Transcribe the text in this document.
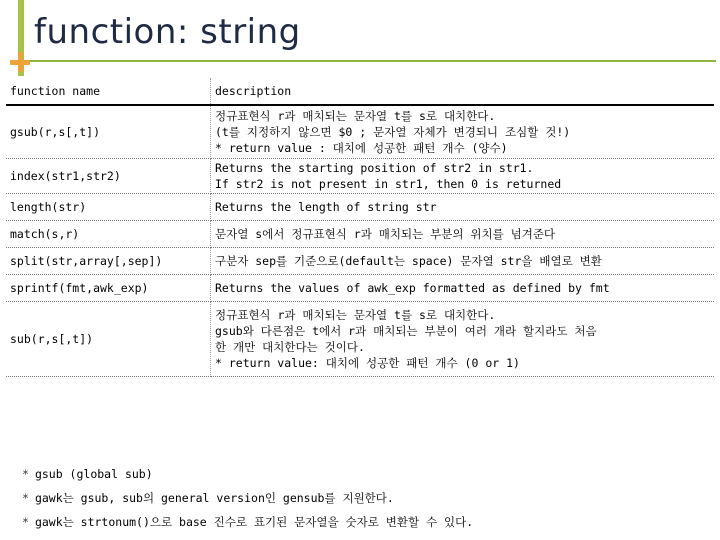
function: string
function name	description
gsub(r,s[,t])	정규표현식 r과 매치되는 문자열 t를 s로 대치한다.
(t를 지정하지 않으면 $0 ; 문자열 자체가 변경되니 조심할 것!)
* return value : 대치에 성공한 패턴 개수 (양수)

index(str1,str2)	Returns the starting position of str2 in str1.
If str2 is not present in str1, then 0 is returned

length(str)	Returns the length of string str

match(s,r)	문자열 s에서 정규표현식 r과 매치되는 부분의 위치를 넘겨준다

split(str,array[,sep])	구분자 sep를 기준으로(default는 space) 문자열 str을 배열로 변환

sprintf(fmt,awk_exp)	Returns the values of awk_exp formatted as defined by fmt

sub(r,s[,t])	정규표현식 r과 매치되는 문자열 t를 s로 대치한다.
gsub와 다른점은 t에서 r과 매치되는 부분이 여러 개라 할지라도 처음
한 개만 대치한다는 것이다.
* return value: 대치에 성공한 패턴 개수 (0 or 1)
* gsub (global sub)
* gawk는 gsub, sub의 general version인 gensub를 지원한다.
* gawk는 strtonum()으로 base 진수로 표기된 문자열을 숫자로 변환할 수 있다.
